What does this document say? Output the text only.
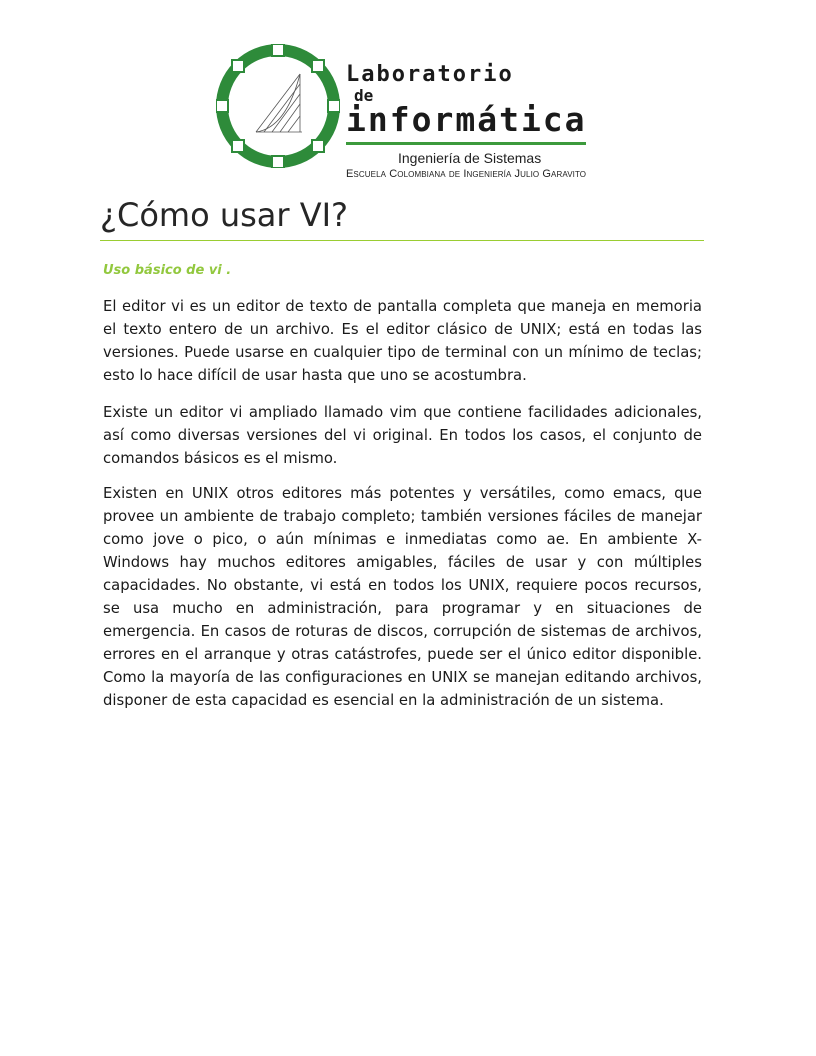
Laboratorio
de
informática
Ingeniería de Sistemas
Escuela Colombiana de Ingeniería Julio Garavito
¿Cómo usar VI?
Uso básico de vi .

El editor vi es un editor de texto de pantalla completa que maneja en memoria el texto entero de un archivo. Es el editor clásico de UNIX; está en todas las versiones. Puede usarse en cualquier tipo de terminal con un mínimo de teclas; esto lo hace difícil de usar hasta que uno se acostumbra.

Existe un editor vi ampliado llamado vim que contiene facilidades adicionales, así como diversas versiones del vi original. En todos los casos, el conjunto de comandos básicos es el mismo.

Existen en UNIX otros editores más potentes y versátiles, como emacs, que provee un ambiente de trabajo completo; también versiones fáciles de manejar como jove o pico, o aún mínimas e inmediatas como ae. En ambiente X-Windows hay muchos editores amigables, fáciles de usar y con múltiples capacidades. No obstante, vi está en todos los UNIX, requiere pocos recursos, se usa mucho en administración, para programar y en situaciones de emergencia. En casos de roturas de discos, corrupción de sistemas de archivos, errores en el arranque y otras catástrofes, puede ser el único editor disponible. Como la mayoría de las configuraciones en UNIX se manejan editando archivos, disponer de esta capacidad es esencial en la administración de un sistema.
